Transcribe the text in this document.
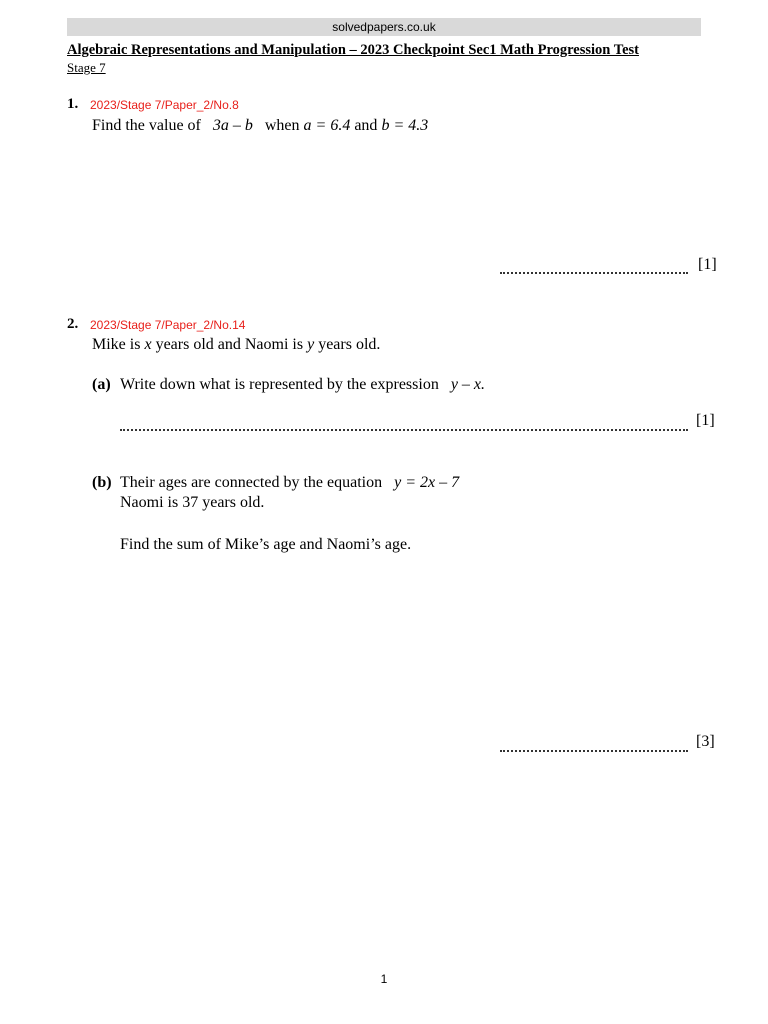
solvedpapers.co.uk
Algebraic Representations and Manipulation – 2023 Checkpoint Sec1 Math Progression Test
Stage 7
1. 2023/Stage 7/Paper_2/No.8
Find the value of 3a – b when a = 6.4 and b = 4.3
[1]
2. 2023/Stage 7/Paper_2/No.14
Mike is x years old and Naomi is y years old.
(a) Write down what is represented by the expression y – x.
[1]
(b) Their ages are connected by the equation y = 2x – 7
Naomi is 37 years old.
Find the sum of Mike’s age and Naomi’s age.
[3]
1
